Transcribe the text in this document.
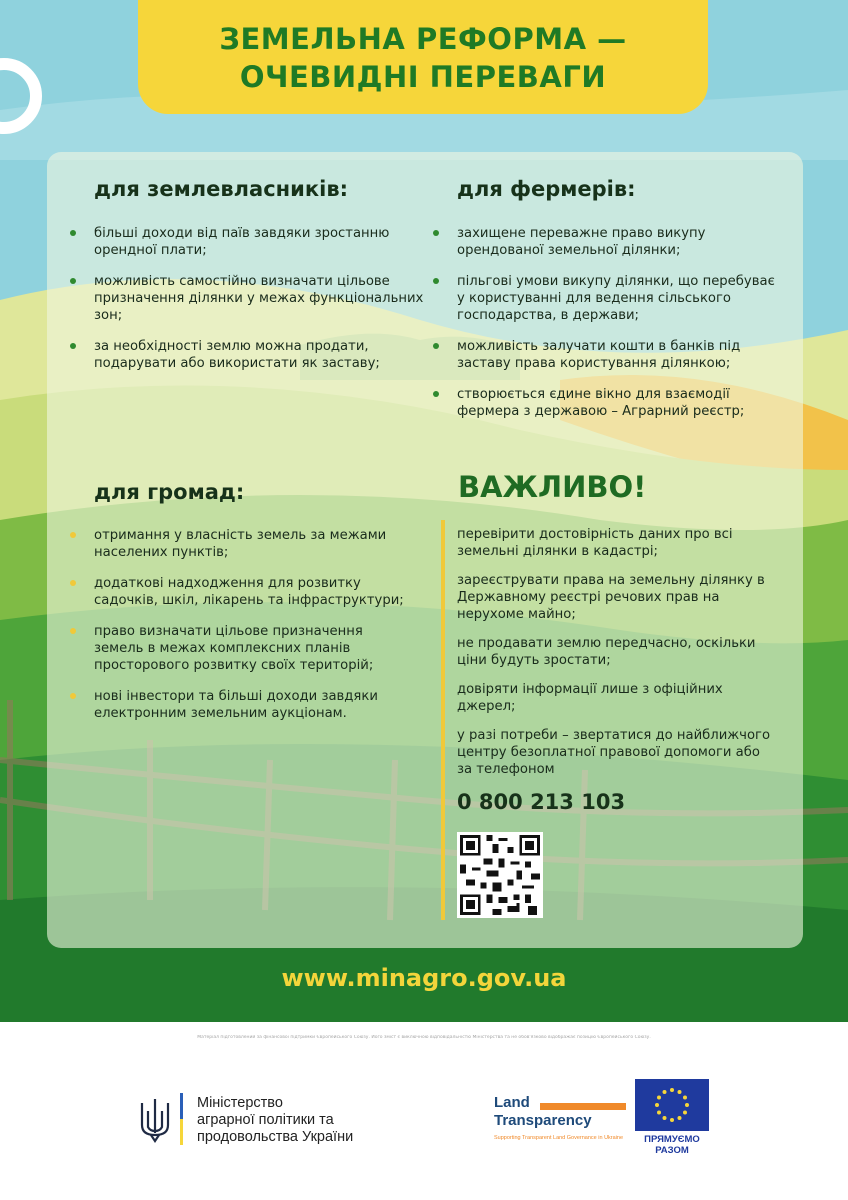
ЗЕМЕЛЬНА РЕФОРМА —
ОЧЕВИДНІ ПЕРЕВАГИ
для землевласників:
більші доходи від паїв завдяки зростанню орендної плати;
можливість самостійно визначати цільове призначення ділянки у межах функціональних зон;
за необхідності землю можна продати, подарувати або використати як заставу;
для фермерів:
захищене переважне право викупу орендованої земельної ділянки;
пільгові умови викупу ділянки, що перебуває у користуванні для ведення сільського господарства, в держави;
можливість залучати кошти в банків під заставу права користування ділянкою;
створюється єдине вікно для взаємодії фермера з державою – Аграрний реєстр;
для громад:
отримання у власність земель за межами населених пунктів;
додаткові надходження для розвитку садочків, шкіл, лікарень та інфраструктури;
право визначати цільове призначення земель в межах комплексних планів просторового розвитку своїх територій;
нові інвестори та більші доходи завдяки електронним земельним аукціонам.
ВАЖЛИВО!
перевірити достовірність даних про всі земельні ділянки в кадастрі;
зареєструвати права на земельну ділянку в Державному реєстрі речових прав на нерухоме майно;
не продавати землю передчасно, оскільки ціни будуть зростати;
довіряти інформації лише з офіційних джерел;
у разі потреби – звертатися до найближчого центру безоплатної правової допомоги або за телефоном
0 800 213 103
www.minagro.gov.ua
Матеріал підготовлений за фінансової підтримки Європейського Союзу. Його зміст є виключною відповідальністю Міністерства та не обов'язково відображає позицію Європейського Союзу.
Міністерство
аграрної політики та
продовольства України
Land
Transparency
Supporting Transparent Land Governance in Ukraine	ПРЯМУЄМО
РАЗОМ
